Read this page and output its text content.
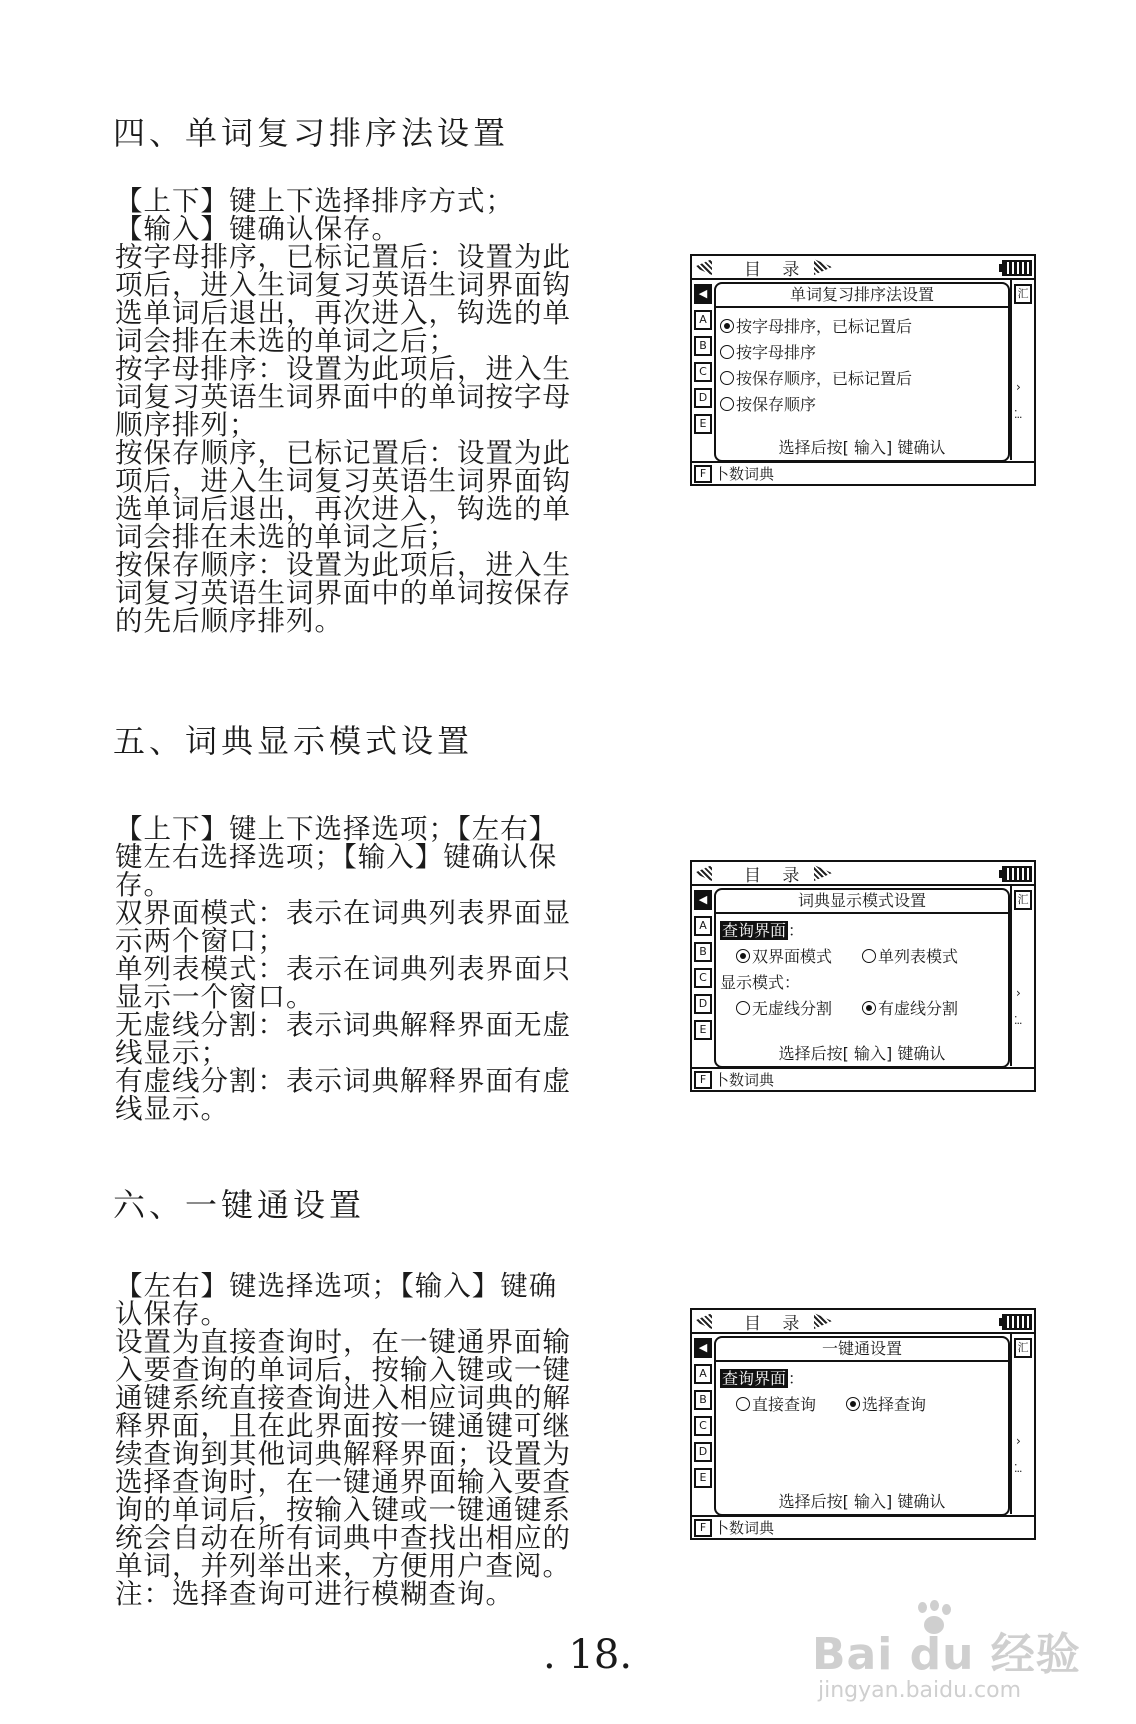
四、单词复习排序法设置
【上下】键上下选择排序方式；
【输入】键确认保存。
按字母排序，已标记置后：设置为此
项后，进入生词复习英语生词界面钩
选单词后退出，再次进入，钩选的单
词会排在未选的单词之后；
按字母排序：设置为此项后，进入生
词复习英语生词界面中的单词按字母
顺序排列；
按保存顺序，已标记置后：设置为此
项后，进入生词复习英语生词界面钩
选单词后退出，再次进入，钩选的单
词会排在未选的单词之后；
按保存顺序：设置为此项后，进入生
词复习英语生词界面中的单词按保存
的先后顺序排列。
目 录
◀
A
B
C
D
E
单词复习排序法设置
按字母排序，已标记置后
按字母排序
按保存顺序，已标记置后
按保存顺序
选择后按[ 输入] 键确认
汇
›
⁚..
F 卜数词典
五、词典显示模式设置
【上下】键上下选择选项；【左右】
键左右选择选项；【输入】键确认保
存。
双界面模式：表示在词典列表界面显
示两个窗口；
单列表模式：表示在词典列表界面只
显示一个窗口。
无虚线分割：表示词典解释界面无虚
线显示；
有虚线分割：表示词典解释界面有虚
线显示。
目 录
◀
A
B
C
D
E
词典显示模式设置
查询界面 ：
双界面模式	单列表模式
显示模式：
无虚线分割	有虚线分割
选择后按[ 输入] 键确认
汇
›
⁚..
F 卜数词典
六、一键通设置
【左右】键选择选项；【输入】键确
认保存。
设置为直接查询时，在一键通界面输
入要查询的单词后，按输入键或一键
通键系统直接查询进入相应词典的解
释界面，且在此界面按一键通键可继
续查询到其他词典解释界面；设置为
选择查询时，在一键通界面输入要查
询的单词后，按输入键或一键通键系
统会自动在所有词典中查找出相应的
单词，并列举出来，方便用户查阅。
注：选择查询可进行模糊查询。
目 录
◀
A
B
C
D
E
一键通设置
查询界面 ：
直接查询	选择查询
选择后按[ 输入] 键确认
汇
›
⁚..
F 卜数词典
. 18.	Bai du 经验
jingyan.baidu.com
